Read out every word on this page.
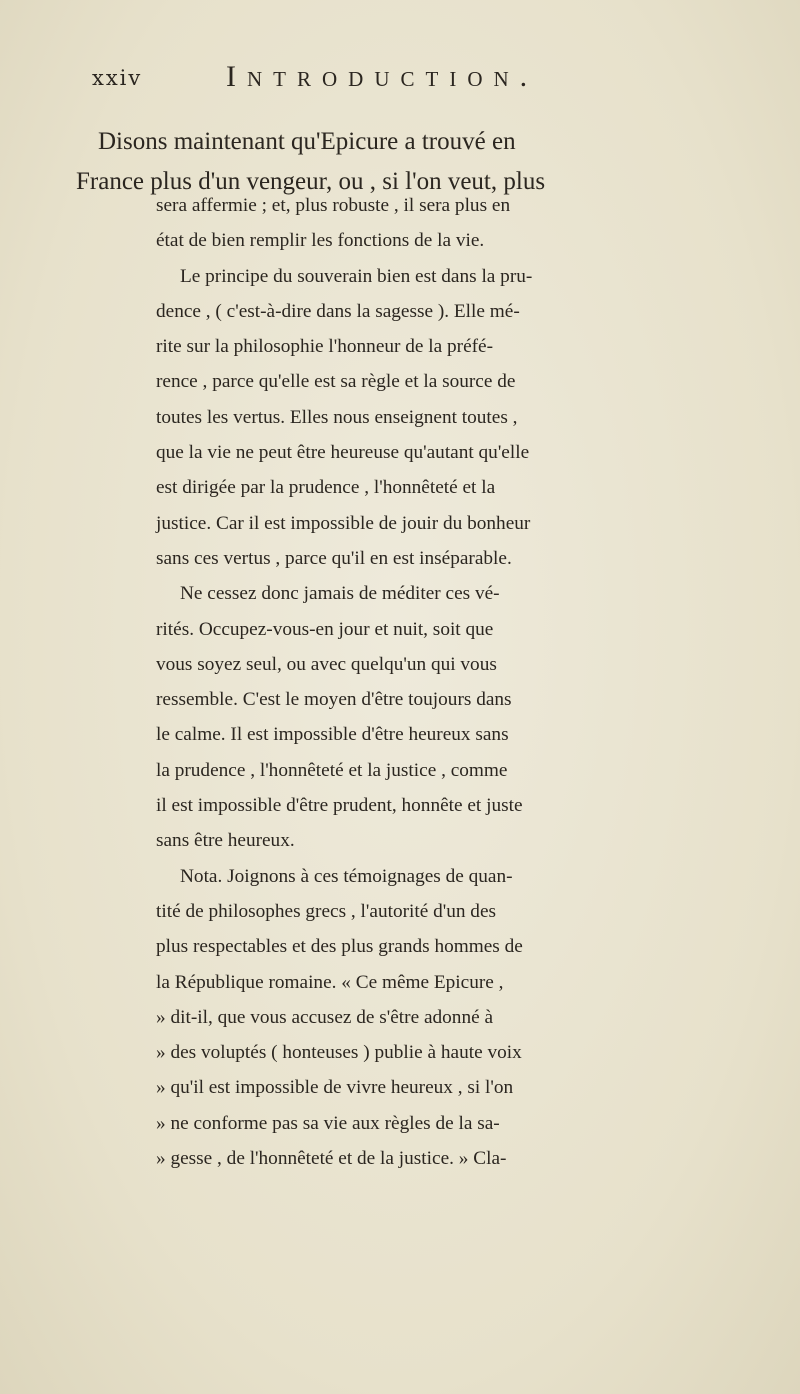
xxiv	Introduction.
Disons maintenant qu'Epicure a trouvé en
France plus d'un vengeur, ou , si l'on veut, plus
sera affermie ; et, plus robuste , il sera plus en
état de bien remplir les fonctions de la vie.
Le principe du souverain bien est dans la pru-
dence , ( c'est-à-dire dans la sagesse ). Elle mé-
rite sur la philosophie l'honneur de la préfé-
rence , parce qu'elle est sa règle et la source de
toutes les vertus. Elles nous enseignent toutes ,
que la vie ne peut être heureuse qu'autant qu'elle
est dirigée par la prudence , l'honnêteté et la
justice. Car il est impossible de jouir du bonheur
sans ces vertus , parce qu'il en est inséparable.
Ne cessez donc jamais de méditer ces vé-
rités. Occupez-vous-en jour et nuit, soit que
vous soyez seul, ou avec quelqu'un qui vous
ressemble. C'est le moyen d'être toujours dans
le calme. Il est impossible d'être heureux sans
la prudence , l'honnêteté et la justice , comme
il est impossible d'être prudent, honnête et juste
sans être heureux.
Nota. Joignons à ces témoignages de quan-
tité de philosophes grecs , l'autorité d'un des
plus respectables et des plus grands hommes de
la République romaine. « Ce même Epicure ,
» dit-il, que vous accusez de s'être adonné à
» des voluptés ( honteuses ) publie à haute voix
» qu'il est impossible de vivre heureux , si l'on
» ne conforme pas sa vie aux règles de la sa-
» gesse , de l'honnêteté et de la justice. » Cla-
